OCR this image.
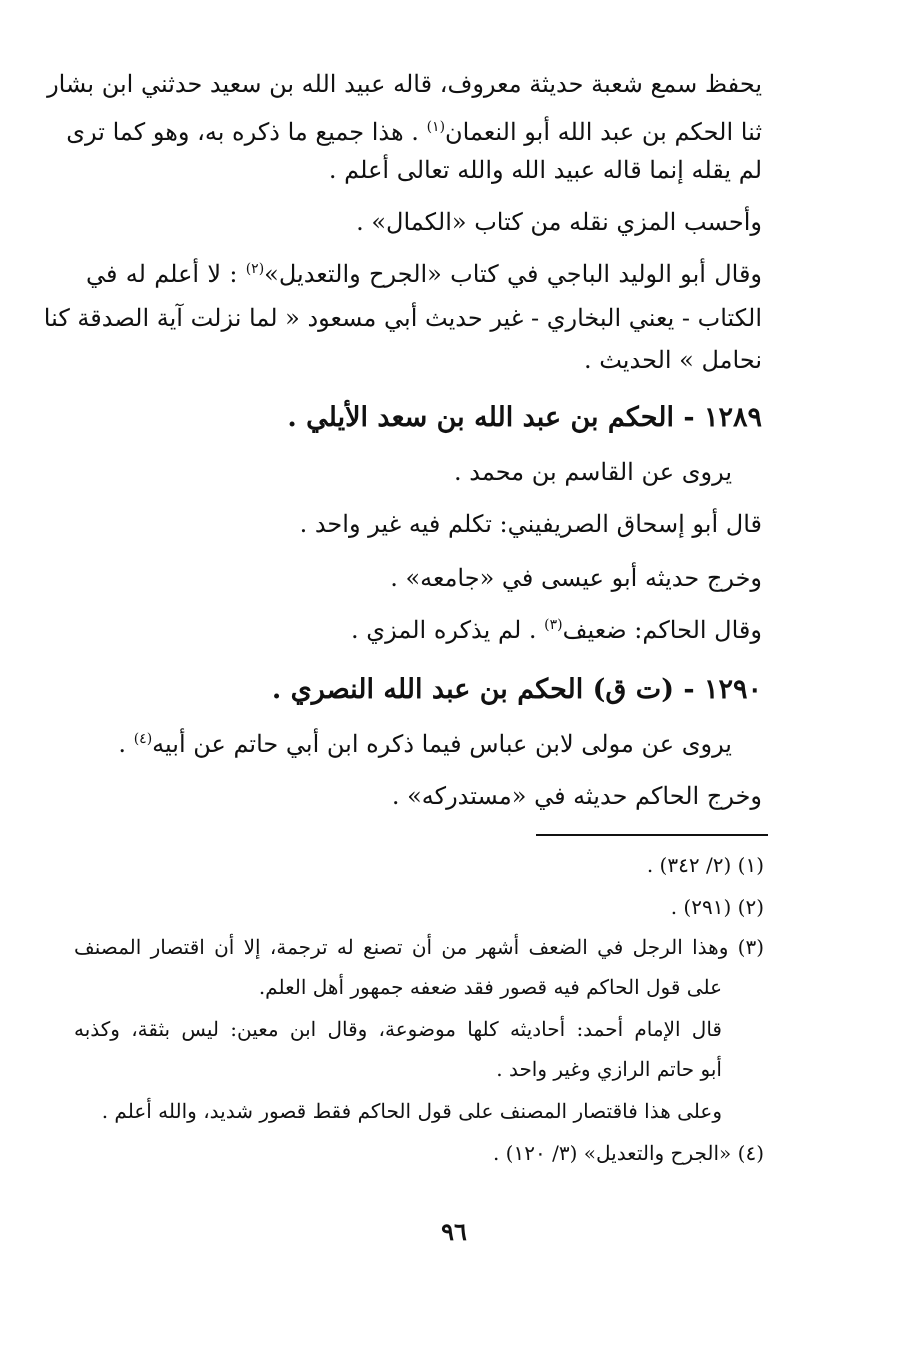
يحفظ سمع شعبة حديثة معروف، قاله عبيد الله بن سعيد حدثني ابن بشار
ثنا الحكم بن عبد الله أبو النعمان$^{(١)}$ . هذا جميع ما ذكره به، وهو كما ترى
لم يقله إنما قاله عبيد الله والله تعالى أعلم .
وأحسب المزي نقله من كتاب «الكمال» .
وقال أبو الوليد الباجي في كتاب «الجرح والتعديل»$^{(٢)}$ : لا أعلم له في
الكتاب - يعني البخاري - غير حديث أبي مسعود « لما نزلت آية الصدقة كنا
نحامل » الحديث .
١٢٨٩ - الحكم بن عبد الله بن سعد الأيلي .
يروى عن القاسم بن محمد .
قال أبو إسحاق الصريفيني: تكلم فيه غير واحد .
وخرج حديثه أبو عيسى في «جامعه» .
وقال الحاكم: ضعيف$^{(٣)}$ . لم يذكره المزي .
١٢٩٠ - (ت ق) الحكم بن عبد الله النصري .
يروى عن مولى لابن عباس فيما ذكره ابن أبي حاتم عن أبيه$^{(٤)}$ .
وخرج الحاكم حديثه في «مستدركه» .
(١) (٢/ ٣٤٢) .
(٢) (٢٩١) .
(٣) وهذا الرجل في الضعف أشهر من أن تصنع له ترجمة، إلا أن اقتصار المصنف
على قول الحاكم فيه قصور فقد ضعفه جمهور أهل العلم.
قال الإمام أحمد: أحاديثه كلها موضوعة، وقال ابن معين: ليس بثقة، وكذبه
أبو حاتم الرازي وغير واحد .
وعلى هذا فاقتصار المصنف على قول الحاكم فقط قصور شديد، والله أعلم .
(٤) «الجرح والتعديل» (٣/ ١٢٠) .
٩٦
